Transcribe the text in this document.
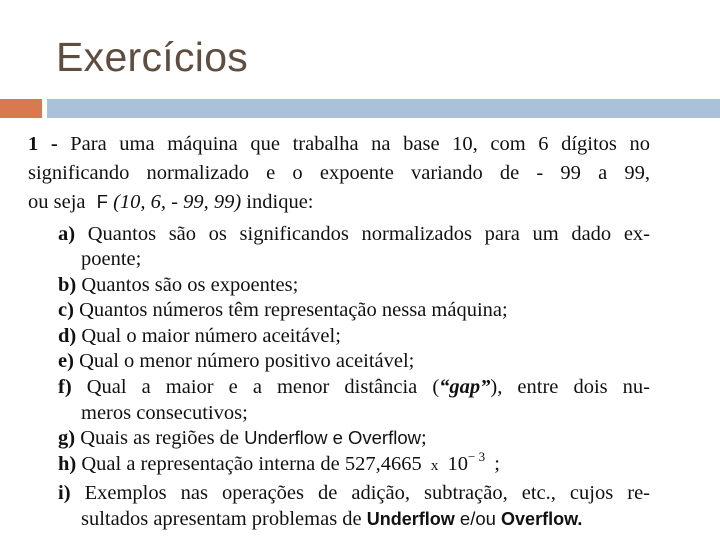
Exercícios
1 - Para uma máquina que trabalha na base 10, com 6 dígitos no
significando normalizado e o expoente variando de - 99 a 99,
ou seja F (10, 6, - 99, 99) indique:
a) Quantos são os significandos normalizados para um dado ex-
poente;
b) Quantos são os expoentes;
c) Quantos números têm representação nessa máquina;
d) Qual o maior número aceitável;
e) Qual o menor número positivo aceitável;
f) Qual a maior e a menor distância (“gap”), entre dois nu-
meros consecutivos;
g) Quais as regiões de Underflow e Overflow;
h) Qual a representação interna de 527,4665 x $10^{- 3}$ ;
i) Exemplos nas operações de adição, subtração, etc., cujos re-
sultados apresentam problemas de Underflow e/ou Overflow.
